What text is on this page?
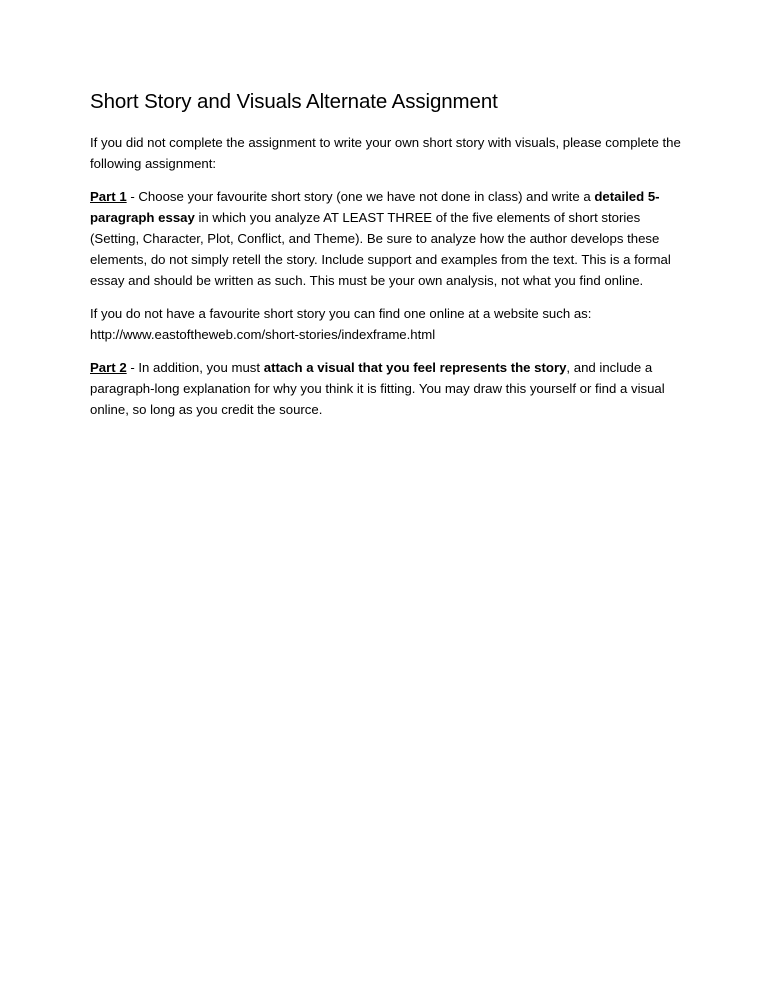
Short Story and Visuals Alternate Assignment

If you did not complete the assignment to write your own short story with visuals, please complete the following assignment:

Part 1 - Choose your favourite short story (one we have not done in class) and write a detailed 5-paragraph essay in which you analyze AT LEAST THREE of the five elements of short stories (Setting, Character, Plot, Conflict, and Theme). Be sure to analyze how the author develops these elements, do not simply retell the story. Include support and examples from the text. This is a formal essay and should be written as such. This must be your own analysis, not what you find online.

If you do not have a favourite short story you can find one online at a website such as:
http://www.eastoftheweb.com/short-stories/indexframe.html

Part 2 - In addition, you must attach a visual that you feel represents the story, and include a paragraph-long explanation for why you think it is fitting. You may draw this yourself or find a visual online, so long as you credit the source.
